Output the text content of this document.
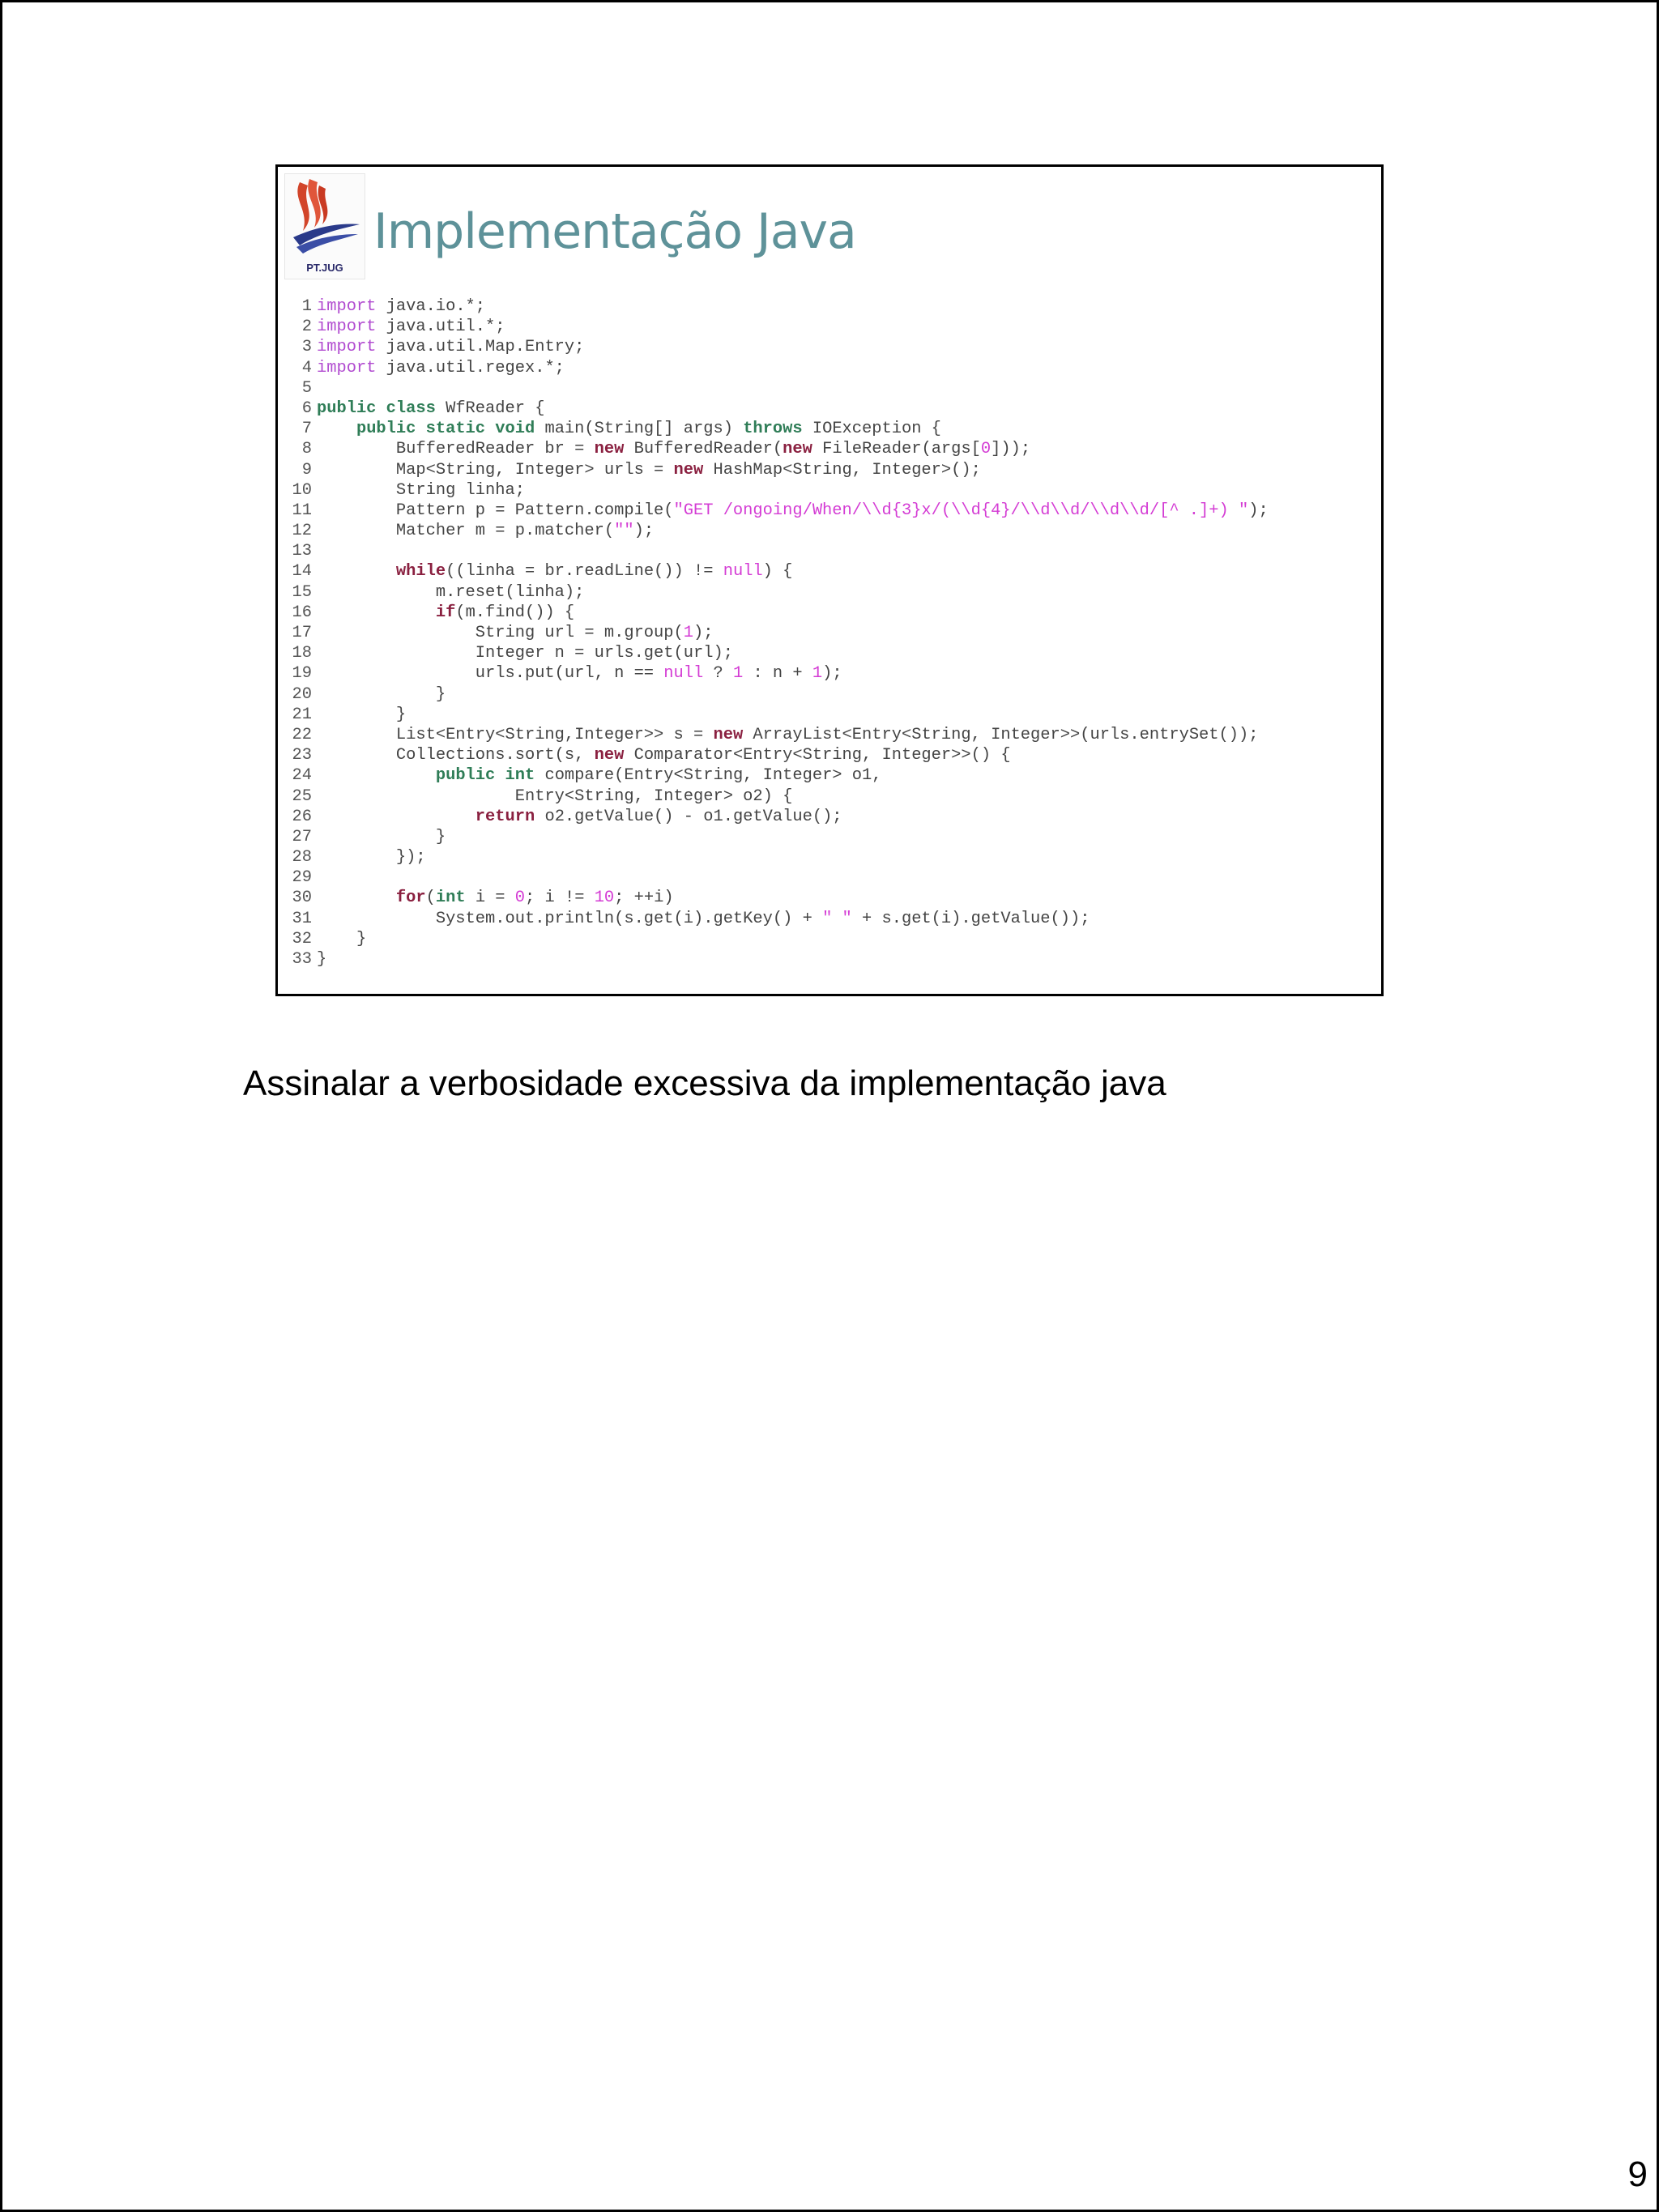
PT.JUG
Implementação Java
1 import java.io.*;
2 import java.util.*;
3 import java.util.Map.Entry;
4 import java.util.regex.*;
5
6 public class WfReader {
7	public static void main(String[] args) throws IOException {
8        BufferedReader br = new BufferedReader(new FileReader(args[0]));
9        Map<String, Integer> urls = new HashMap<String, Integer>();
10        String linha;
11        Pattern p = Pattern.compile("GET /ongoing/When/\\d{3}x/(\\d{4}/\\d\\d/\\d\\d/[^ .]+) ");
12        Matcher m = p.matcher("");
13
14	while((linha = br.readLine()) != null) {
15            m.reset(linha);
16	if(m.find()) {
17                String url = m.group(1);
18                Integer n = urls.get(url);
19                urls.put(url, n == null ? 1 : n + 1);
20            }
21        }
22        List<Entry<String,Integer>> s = new ArrayList<Entry<String, Integer>>(urls.entrySet());
23        Collections.sort(s, new Comparator<Entry<String, Integer>>() {
24	public int compare(Entry<String, Integer> o1,
25                    Entry<String, Integer> o2) {
26	return o2.getValue() - o1.getValue();
27            }
28        });
29
30	for(int i = 0; i != 10; ++i)
31            System.out.println(s.get(i).getKey() + " " + s.get(i).getValue());
32    }
33 }
Assinalar a verbosidade excessiva da implementação java
9
